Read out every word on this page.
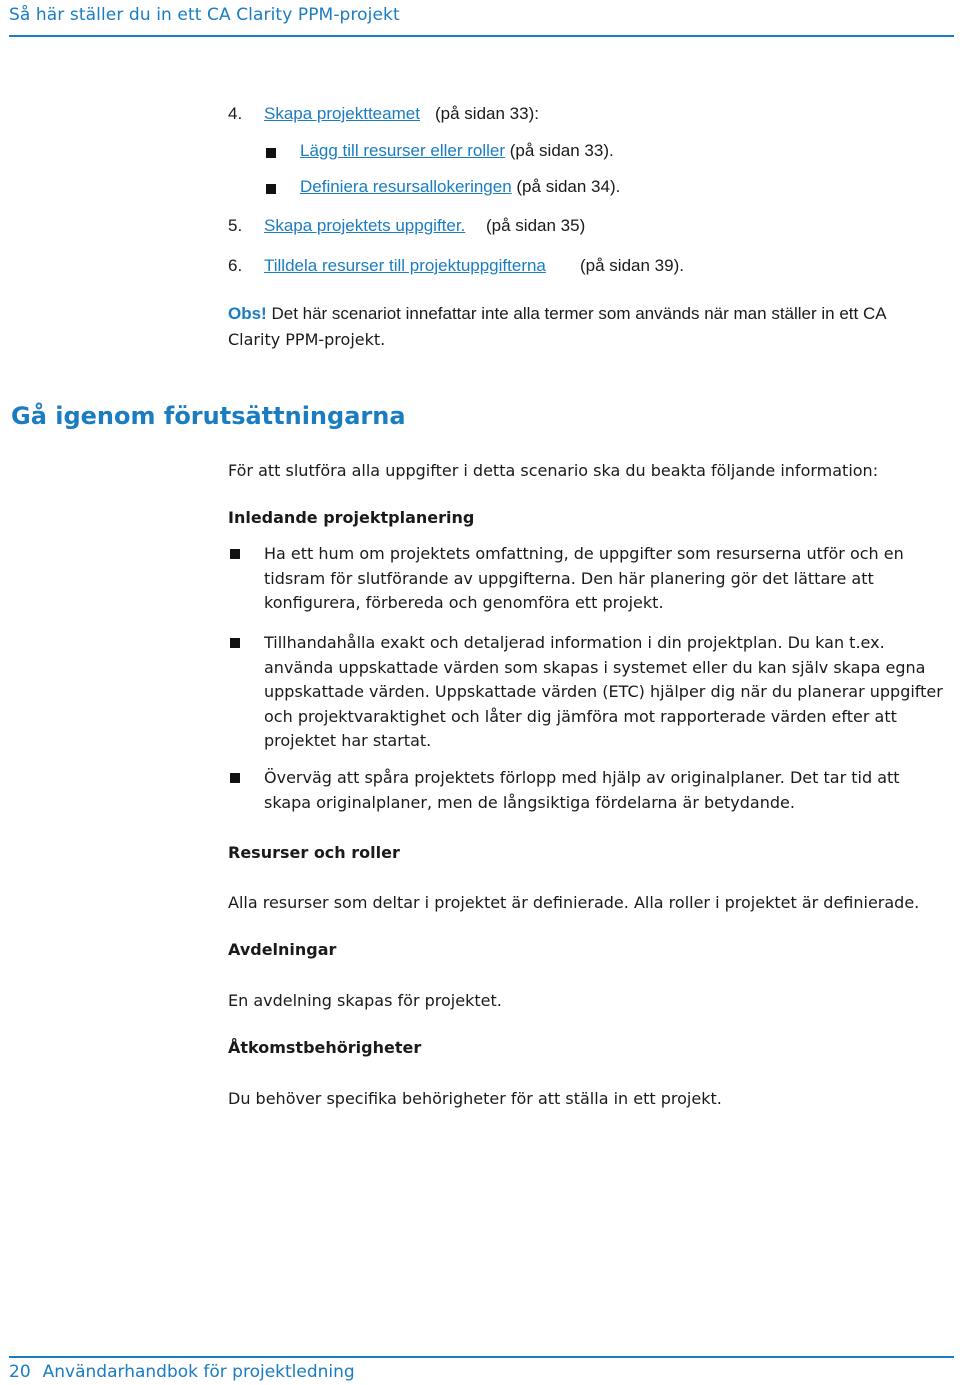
Så här ställer du in ett CA Clarity PPM-projekt
4. Skapa projektteamet (på sidan 33):
Lägg till resurser eller roller (på sidan 33).
Definiera resursallokeringen (på sidan 34).
5. Skapa projektets uppgifter. (på sidan 35)
6. Tilldela resurser till projektuppgifterna (på sidan 39).
Obs! Det här scenariot innefattar inte alla termer som används när man ställer in ett CA
Clarity PPM-projekt.
Gå igenom förutsättningarna
För att slutföra alla uppgifter i detta scenario ska du beakta följande information:
Inledande projektplanering
Ha ett hum om projektets omfattning, de uppgifter som resurserna utför och en tidsram för slutförande av uppgifterna. Den här planering gör det lättare att konfigurera, förbereda och genomföra ett projekt.
Tillhandahålla exakt och detaljerad information i din projektplan. Du kan t.ex. använda uppskattade värden som skapas i systemet eller du kan själv skapa egna uppskattade värden. Uppskattade värden (ETC) hjälper dig när du planerar uppgifter och projektvaraktighet och låter dig jämföra mot rapporterade värden efter att projektet har startat.
Överväg att spåra projektets förlopp med hjälp av originalplaner. Det tar tid att skapa originalplaner, men de långsiktiga fördelarna är betydande.
Resurser och roller
Alla resurser som deltar i projektet är definierade. Alla roller i projektet är definierade.
Avdelningar
En avdelning skapas för projektet.
Åtkomstbehörigheter
Du behöver specifika behörigheter för att ställa in ett projekt.
20 Användarhandbok för projektledning
